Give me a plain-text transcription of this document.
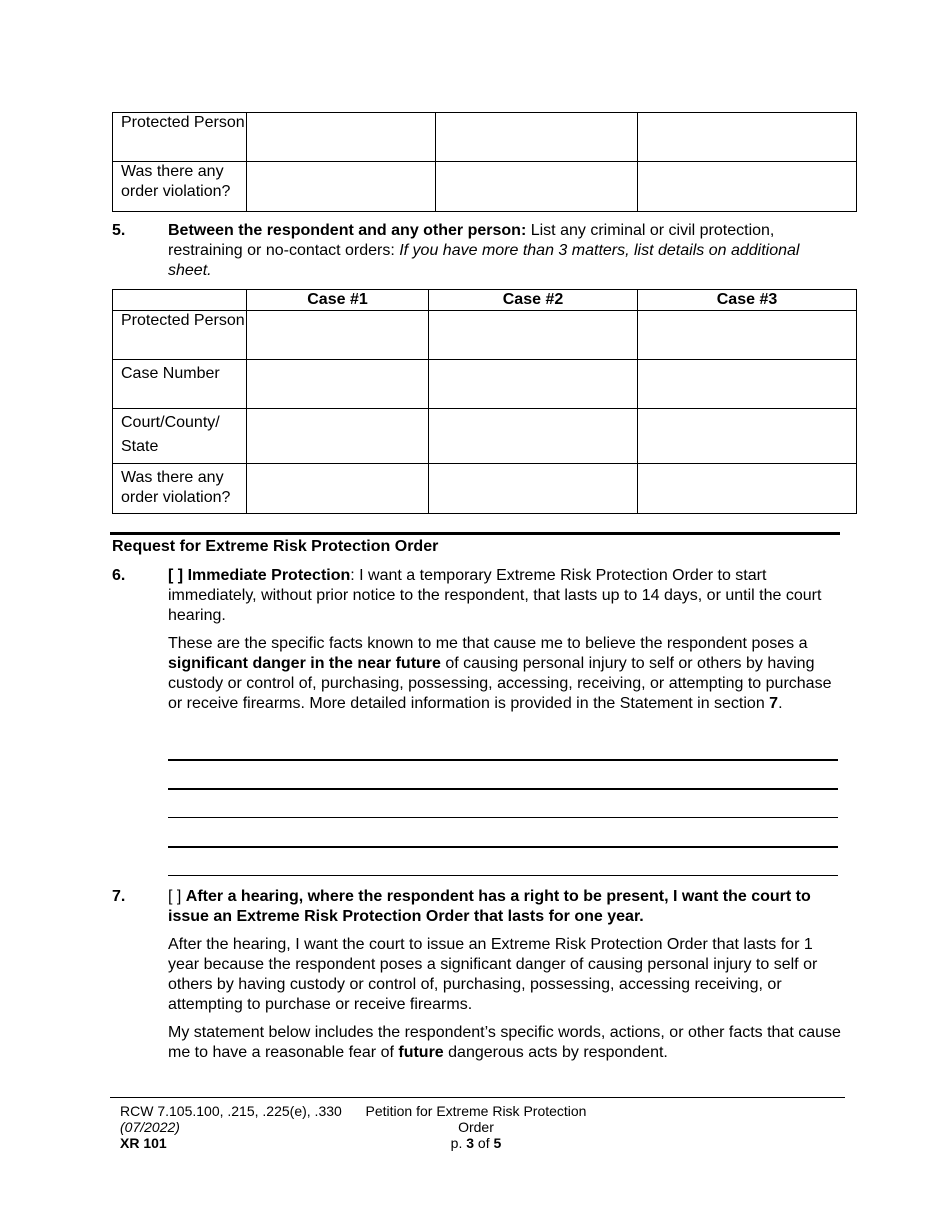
Protected Person			
Was there any order violation?			
5.	Between the respondent and any other person: List any criminal or civil protection, restraining or no-contact orders: If you have more than 3 matters, list details on additional sheet.
	Case #1	Case #2	Case #3
Protected Person			
Case Number			
Court/County/ State			
Was there any order violation?			
Request for Extreme Risk Protection Order
6.	[ ] Immediate Protection: I want a temporary Extreme Risk Protection Order to start immediately, without prior notice to the respondent, that lasts up to 14 days, or until the court hearing.
These are the specific facts known to me that cause me to believe the respondent poses a significant danger in the near future of causing personal injury to self or others by having custody or control of, purchasing, possessing, accessing, receiving, or attempting to purchase or receive firearms. More detailed information is provided in the Statement in section 7.
7.	[ ] After a hearing, where the respondent has a right to be present, I want the court to issue an Extreme Risk Protection Order that lasts for one year.
After the hearing, I want the court to issue an Extreme Risk Protection Order that lasts for 1 year because the respondent poses a significant danger of causing personal injury to self or others by having custody or control of, purchasing, possessing, accessing receiving, or attempting to purchase or receive firearms.
My statement below includes the respondent’s specific words, actions, or other facts that cause me to have a reasonable fear of future dangerous acts by respondent.
RCW 7.105.100, .215, .225(e), .330
(07/2022)
XR 101
Petition for Extreme Risk Protection Order
p. 3 of 5
